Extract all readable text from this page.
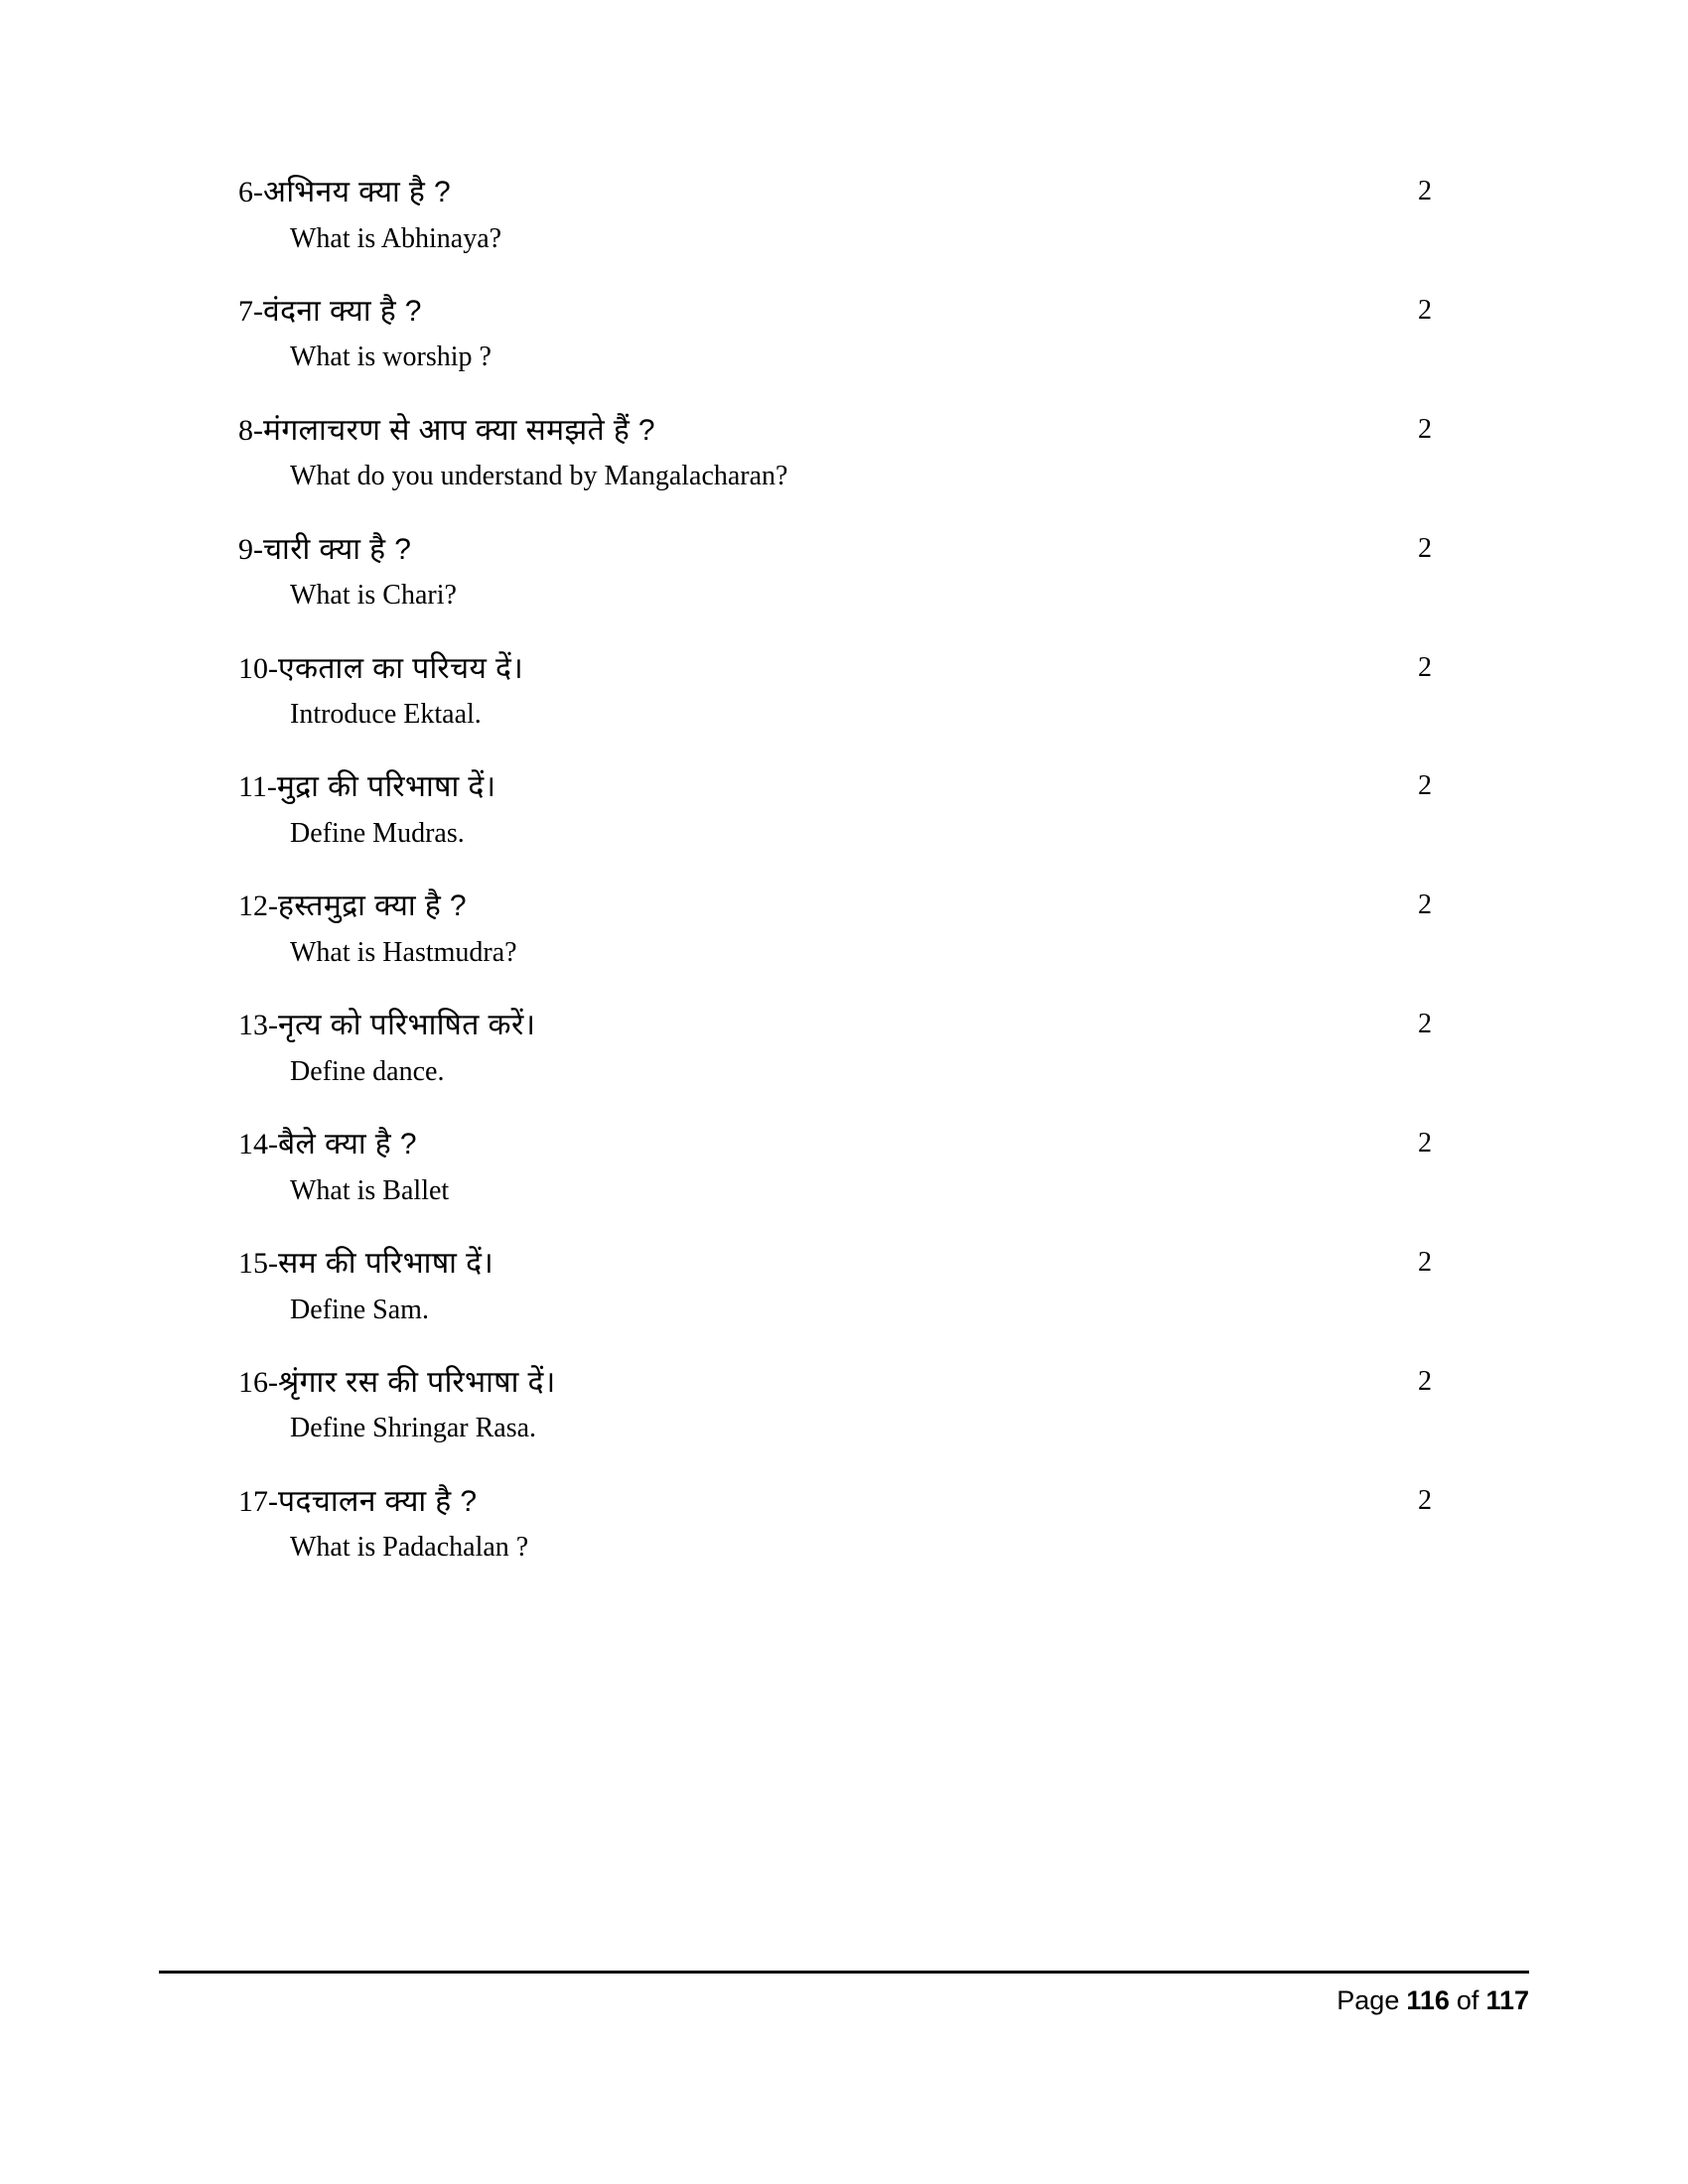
6- अभिनय क्या है ?	2
What is Abhinaya?
7- वंदना क्या है ?	2
What is worship ?
8- मंगलाचरण से आप क्या समझते हैं ?	2
What do you understand by Mangalacharan?
9- चारी क्या है ?	2
What is Chari?
10- एकताल का परिचय दें।	2
Introduce Ektaal.
11- मुद्रा की परिभाषा दें।	2
Define Mudras.
12- हस्तमुद्रा क्या है ?	2
What is Hastmudra?
13- नृत्य को परिभाषित करें।	2
Define dance.
14- बैले क्या है ?	2
What is Ballet
15- सम की परिभाषा दें।	2
Define Sam.
16- श्रृंगार रस की परिभाषा दें।	2
Define Shringar Rasa.
17- पदचालन क्या है ?	2
What is Padachalan ?
Page 116 of 117
